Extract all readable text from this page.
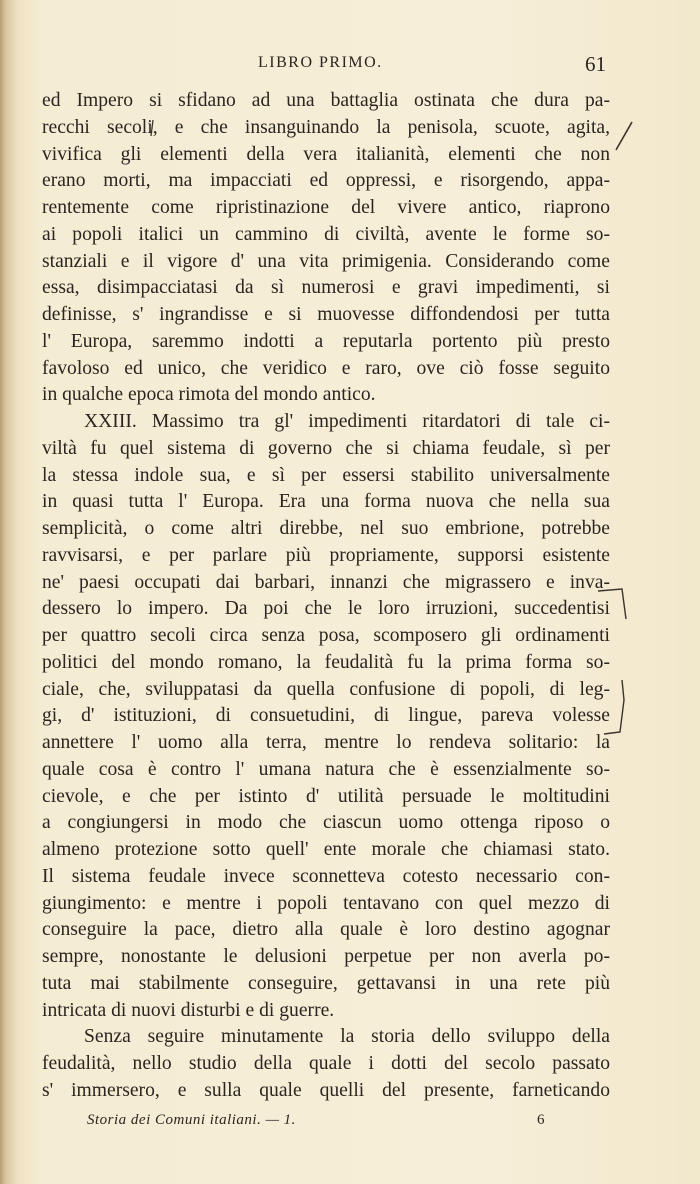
LIBRO PRIMO.	61
ed Impero si sfidano ad una battaglia ostinata che dura pa-
recchi secoli, e che insanguinando la penisola, scuote, agita,
vivifica gli elementi della vera italianità, elementi che non
erano morti, ma impacciati ed oppressi, e risorgendo, appa-
rentemente come ripristinazione del vivere antico, riaprono
ai popoli italici un cammino di civiltà, avente le forme so-
stanziali e il vigore d' una vita primigenia. Considerando come
essa, disimpacciatasi da sì numerosi e gravi impedimenti, si
definisse, s' ingrandisse e si muovesse diffondendosi per tutta
l' Europa, saremmo indotti a reputarla portento più presto
favoloso ed unico, che veridico e raro, ove ciò fosse seguito
in qualche epoca rimota del mondo antico.
XXIII. Massimo tra gl' impedimenti ritardatori di tale ci-
viltà fu quel sistema di governo che si chiama feudale, sì per
la stessa indole sua, e sì per essersi stabilito universalmente
in quasi tutta l' Europa. Era una forma nuova che nella sua
semplicità, o come altri direbbe, nel suo embrione, potrebbe
ravvisarsi, e per parlare più propriamente, supporsi esistente
ne' paesi occupati dai barbari, innanzi che migrassero e inva-
dessero lo impero. Da poi che le loro irruzioni, succedentisi
per quattro secoli circa senza posa, scomposero gli ordinamenti
politici del mondo romano, la feudalità fu la prima forma so-
ciale, che, sviluppatasi da quella confusione di popoli, di leg-
gi, d' istituzioni, di consuetudini, di lingue, pareva volesse
annettere l' uomo alla terra, mentre lo rendeva solitario: la
quale cosa è contro l' umana natura che è essenzialmente so-
cievole, e che per istinto d' utilità persuade le moltitudini
a congiungersi in modo che ciascun uomo ottenga riposo o
almeno protezione sotto quell' ente morale che chiamasi stato.
Il sistema feudale invece sconnetteva cotesto necessario con-
giungimento: e mentre i popoli tentavano con quel mezzo di
conseguire la pace, dietro alla quale è loro destino agognar
sempre, nonostante le delusioni perpetue per non averla po-
tuta mai stabilmente conseguire, gettavansi in una rete più
intricata di nuovi disturbi e di guerre.
Senza seguire minutamente la storia dello sviluppo della
feudalità, nello studio della quale i dotti del secolo passato
s' immersero, e sulla quale quelli del presente, farneticando
Storia dei Comuni italiani. — 1.	6
